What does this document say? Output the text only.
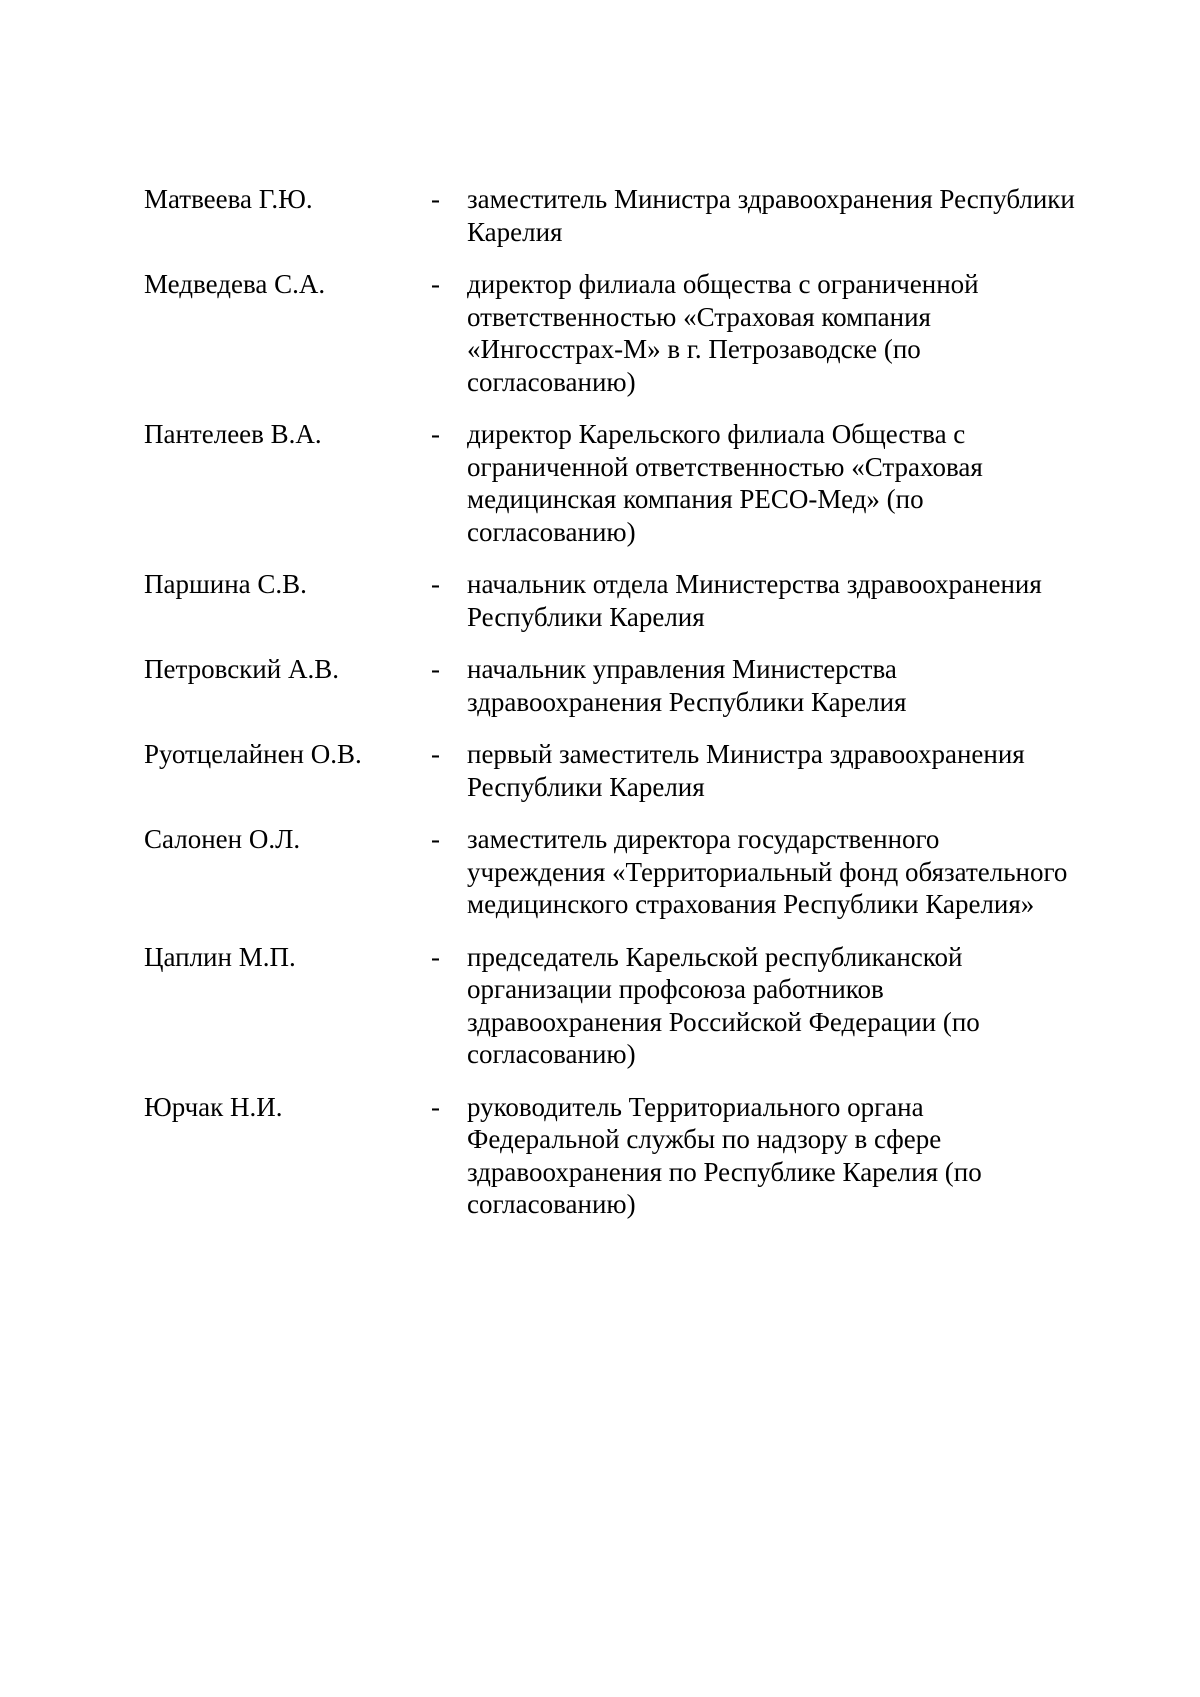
Матвеева Г.Ю.	-	заместитель Министра здравоохранения Республики
Карелия
Медведева С.А.	-	директор филиала общества с ограниченной
ответственностью «Страховая компания
«Ингосстрах-М» в г. Петрозаводске (по
согласованию)
Пантелеев В.А.	-	директор Карельского филиала Общества с
ограниченной ответственностью «Страховая
медицинская компания РЕСО-Мед» (по
согласованию)
Паршина С.В.	-	начальник отдела Министерства здравоохранения
Республики Карелия
Петровский А.В.	-	начальник управления Министерства
здравоохранения Республики Карелия
Руотцелайнен О.В.	-	первый заместитель Министра здравоохранения
Республики Карелия
Салонен О.Л.	-	заместитель директора государственного
учреждения «Территориальный фонд обязательного
медицинского страхования Республики Карелия»
Цаплин М.П.	-	председатель Карельской республиканской
организации профсоюза работников
здравоохранения Российской Федерации (по
согласованию)
Юрчак Н.И.	-	руководитель Территориального органа
Федеральной службы по надзору в сфере
здравоохранения по Республике Карелия (по
согласованию)
